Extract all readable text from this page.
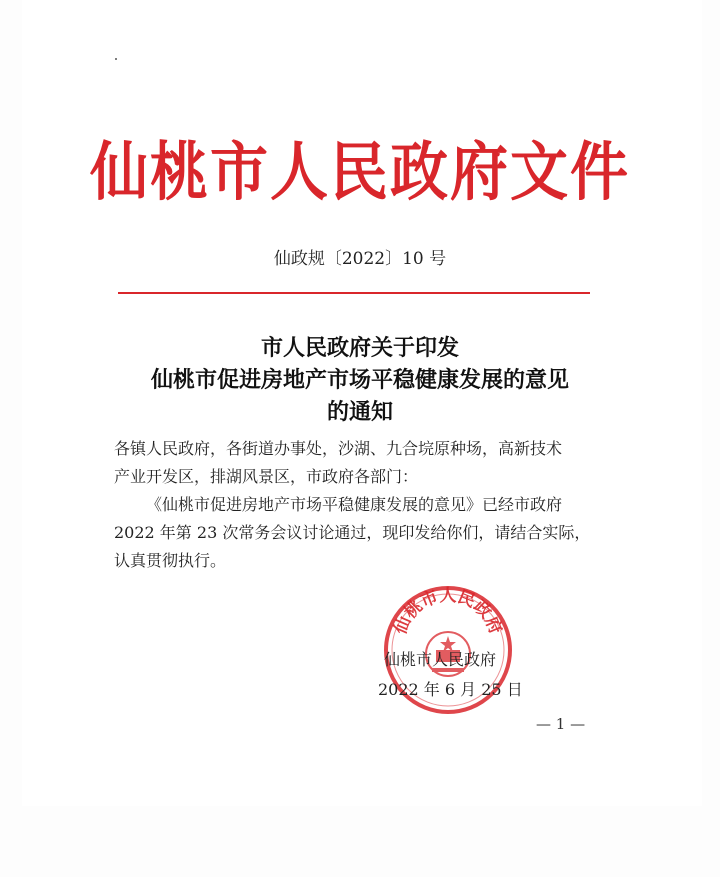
仙桃市人民政府文件
仙政规〔2022〕10 号
市人民政府关于印发
仙桃市促进房地产市场平稳健康发展的意见
的通知

各镇人民政府，各街道办事处，沙湖、九合垸原种场，高新技术

产业开发区，排湖风景区，市政府各部门：

《仙桃市促进房地产市场平稳健康发展的意见》已经市政府

2022 年第 23 次常务会议讨论通过，现印发给你们，请结合实际，

认真贯彻执行。

仙桃市人民政府
仙桃市人民政府
2022 年 6 月 25 日
— 1 —
